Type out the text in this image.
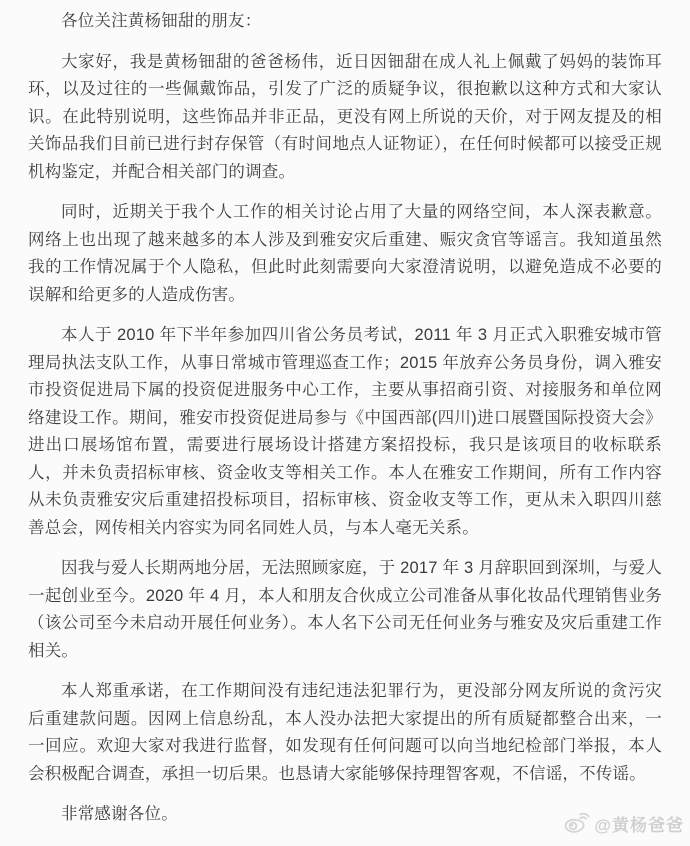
各位关注黄杨钿甜的朋友：

大家好，我是黄杨钿甜的爸爸杨伟，近日因钿甜在成人礼上佩戴了妈妈的装饰耳环，以及过往的一些佩戴饰品，引发了广泛的质疑争议，很抱歉以这种方式和大家认识。在此特别说明，这些饰品并非正品，更没有网上所说的天价，对于网友提及的相关饰品我们目前已进行封存保管（有时间地点人证物证），在任何时候都可以接受正规机构鉴定，并配合相关部门的调查。

同时，近期关于我个人工作的相关讨论占用了大量的网络空间，本人深表歉意。网络上也出现了越来越多的本人涉及到雅安灾后重建、赈灾贪官等谣言。我知道虽然我的工作情况属于个人隐私，但此时此刻需要向大家澄清说明，以避免造成不必要的误解和给更多的人造成伤害。

本人于 2010 年下半年参加四川省公务员考试，2011 年 3 月正式入职雅安城市管理局执法支队工作，从事日常城市管理巡查工作；2015 年放弃公务员身份，调入雅安市投资促进局下属的投资促进服务中心工作，主要从事招商引资、对接服务和单位网络建设工作。期间，雅安市投资促进局参与《中国西部(四川)进口展暨国际投资大会》进出口展场馆布置，需要进行展场设计搭建方案招投标，我只是该项目的收标联系人，并未负责招标审核、资金收支等相关工作。本人在雅安工作期间，所有工作内容从未负责雅安灾后重建招投标项目，招标审核、资金收支等工作，更从未入职四川慈善总会，网传相关内容实为同名同姓人员，与本人毫无关系。

因我与爱人长期两地分居，无法照顾家庭，于 2017 年 3 月辞职回到深圳，与爱人一起创业至今。2020 年 4 月，本人和朋友合伙成立公司准备从事化妆品代理销售业务（该公司至今未启动开展任何业务）。本人名下公司无任何业务与雅安及灾后重建工作相关。

本人郑重承诺，在工作期间没有违纪违法犯罪行为，更没部分网友所说的贪污灾后重建款问题。因网上信息纷乱，本人没办法把大家提出的所有质疑都整合出来，一一回应。欢迎大家对我进行监督，如发现有任何问题可以向当地纪检部门举报，本人会积极配合调查，承担一切后果。也恳请大家能够保持理智客观，不信谣，不传谣。

非常感谢各位。

@黄杨爸爸
